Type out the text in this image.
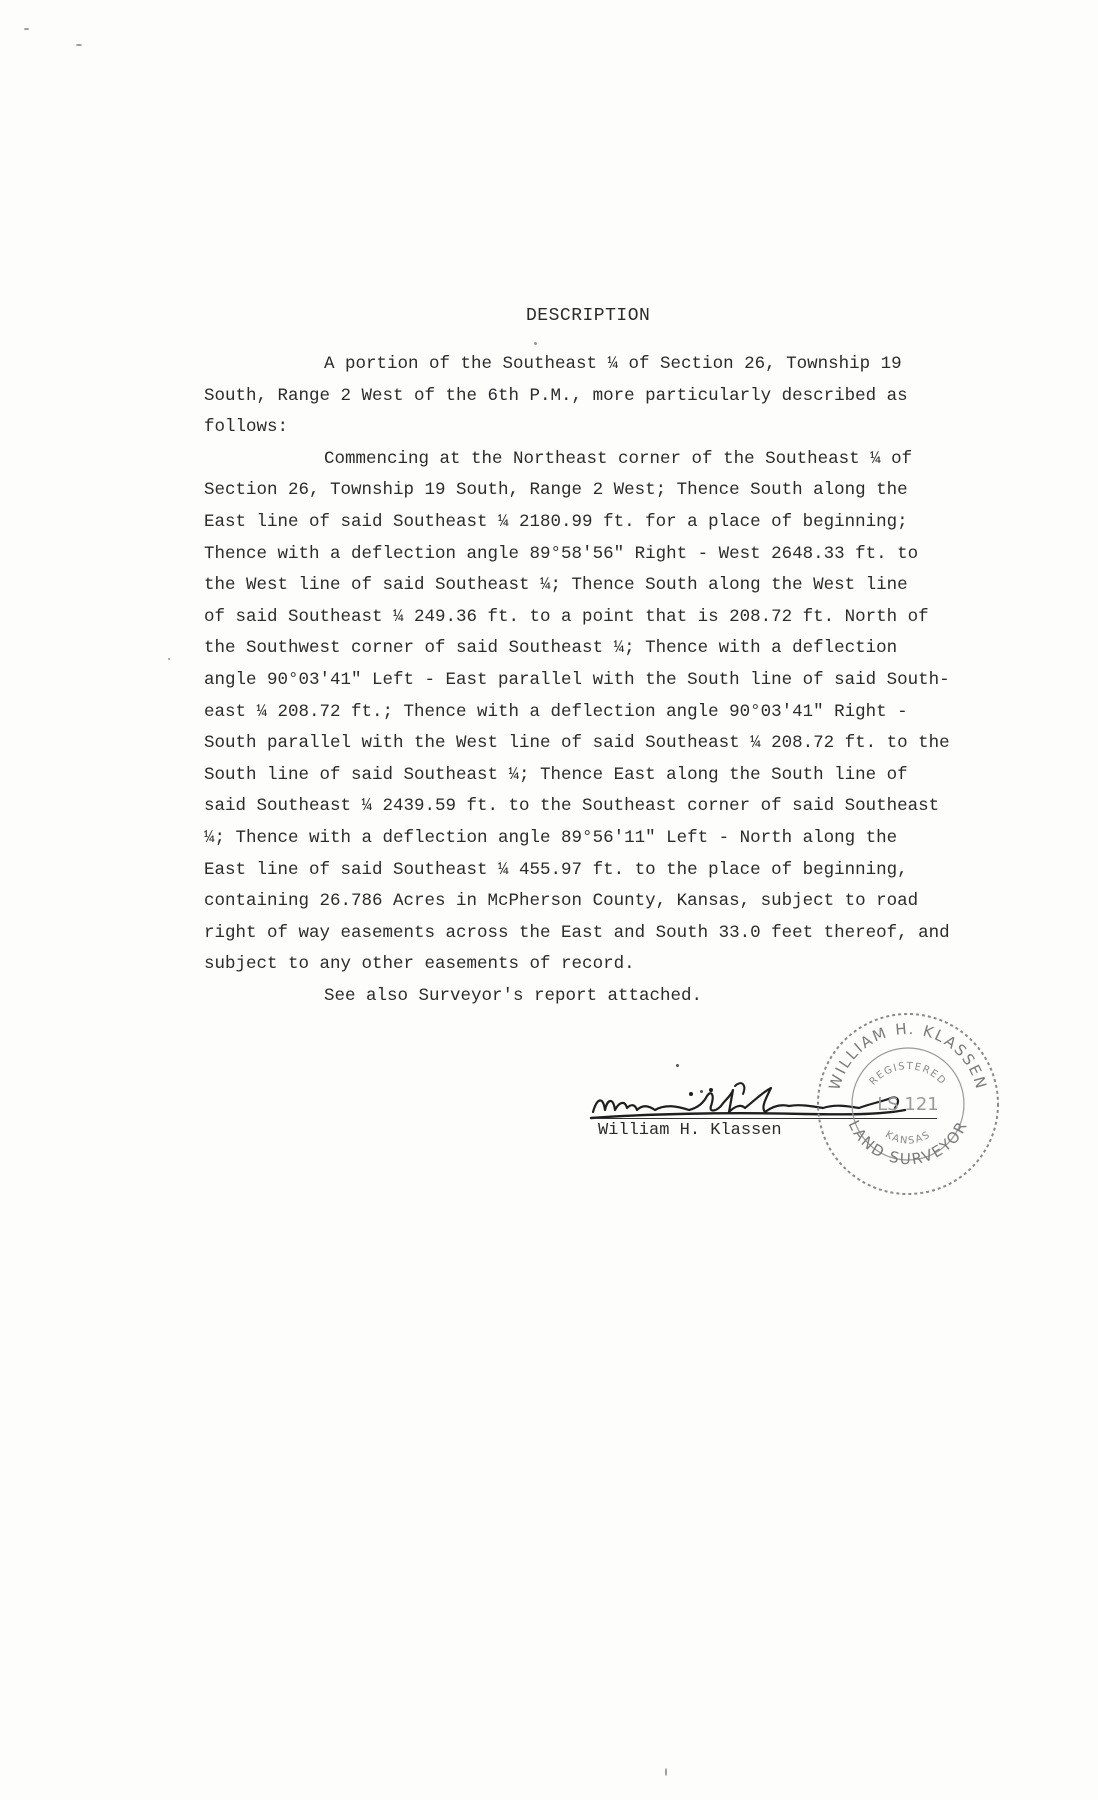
DESCRIPTION
A portion of the Southeast ¼ of Section 26, Township 19
South, Range 2 West of the 6th P.M., more particularly described as
follows:
Commencing at the Northeast corner of the Southeast ¼ of
Section 26, Township 19 South, Range 2 West; Thence South along the
East line of said Southeast ¼ 2180.99 ft. for a place of beginning;
Thence with a deflection angle 89°58'56" Right - West 2648.33 ft. to
the West line of said Southeast ¼; Thence South along the West line
of said Southeast ¼ 249.36 ft. to a point that is 208.72 ft. North of
the Southwest corner of said Southeast ¼; Thence with a deflection
angle 90°03'41" Left - East parallel with the South line of said South-
east ¼ 208.72 ft.; Thence with a deflection angle 90°03'41" Right -
South parallel with the West line of said Southeast ¼ 208.72 ft. to the
South line of said Southeast ¼; Thence East along the South line of
said Southeast ¼ 2439.59 ft. to the Southeast corner of said Southeast
¼; Thence with a deflection angle 89°56'11" Left - North along the
East line of said Southeast ¼ 455.97 ft. to the place of beginning,
containing 26.786 Acres in McPherson County, Kansas, subject to road
right of way easements across the East and South 33.0 feet thereof, and
subject to any other easements of record.
See also Surveyor's report attached.

William H. Klassen

WILLIAM H. KLASSEN
LAND SURVEYOR
REGISTERED
KANSAS
LS 121
